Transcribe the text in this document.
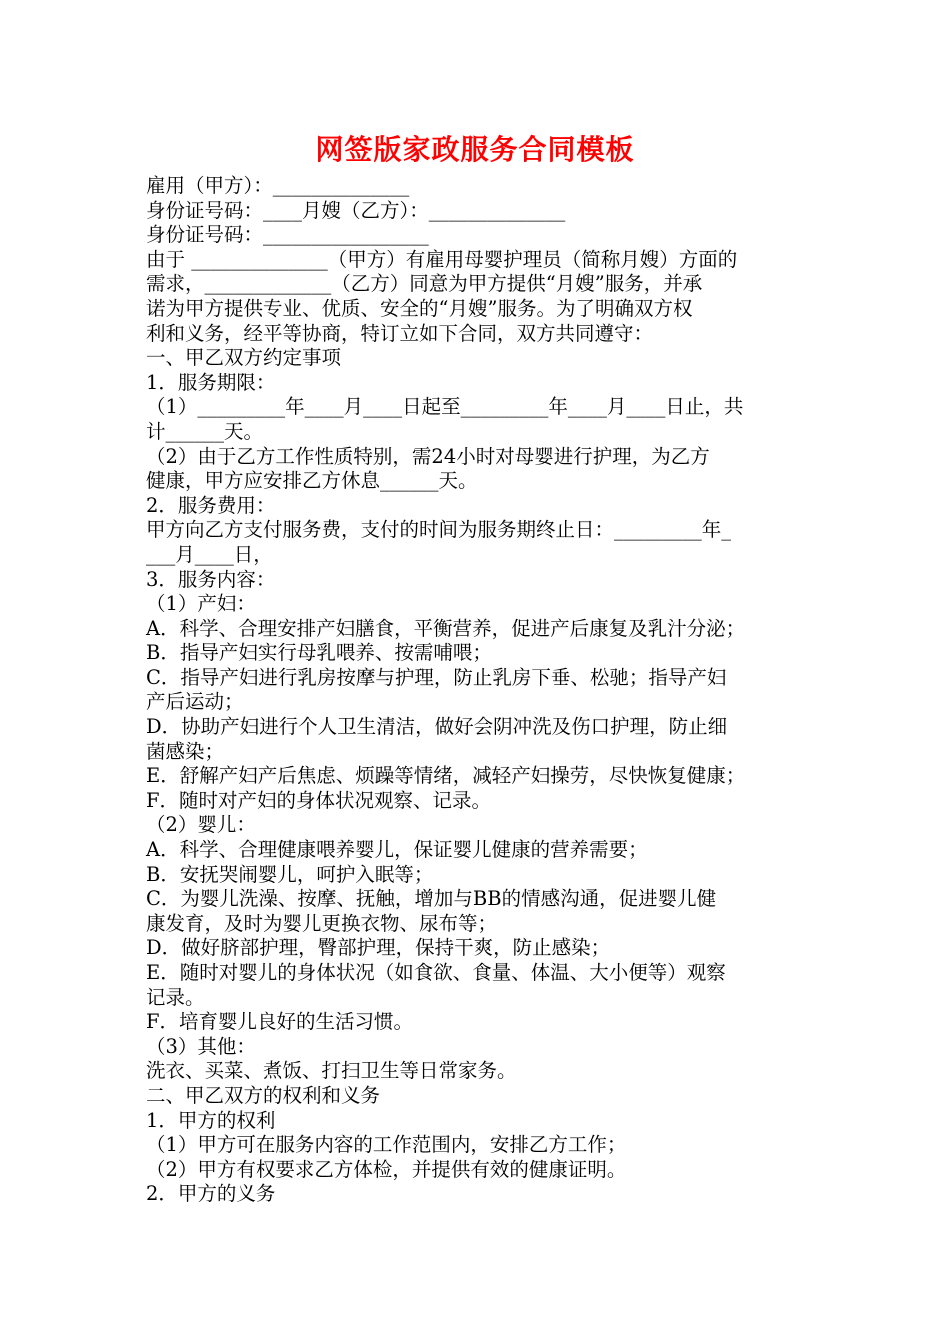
网签版家政服务合同模板
雇用（甲方）：______________
身份证号码：____月嫂（乙方）：______________
身份证号码：_________________
由于 ______________（甲方）有雇用母婴护理员（简称月嫂）方面的
需求，_____________（乙方）同意为甲方提供“月嫂”服务，并承
诺为甲方提供专业、优质、安全的“月嫂”服务。为了明确双方权
利和义务，经平等协商，特订立如下合同，双方共同遵守：
一、甲乙双方约定事项
1．服务期限：
（1）_________年____月____日起至_________年____月____日止，共
计______天。
（2）由于乙方工作性质特别，需24小时对母婴进行护理，为乙方
健康，甲方应安排乙方休息______天。
2．服务费用：
甲方向乙方支付服务费，支付的时间为服务期终止日：_________年_
___月____日，
3．服务内容：
（1）产妇：
A．科学、合理安排产妇膳食，平衡营养，促进产后康复及乳汁分泌；
B．指导产妇实行母乳喂养、按需哺喂；
C．指导产妇进行乳房按摩与护理，防止乳房下垂、松驰；指导产妇
产后运动；
D．协助产妇进行个人卫生清洁，做好会阴冲洗及伤口护理，防止细
菌感染；
E．舒解产妇产后焦虑、烦躁等情绪，减轻产妇操劳，尽快恢复健康；
F．随时对产妇的身体状况观察、记录。
（2）婴儿：
A．科学、合理健康喂养婴儿，保证婴儿健康的营养需要；
B．安抚哭闹婴儿，呵护入眠等；
C．为婴儿洗澡、按摩、抚触，增加与BB的情感沟通，促进婴儿健
康发育，及时为婴儿更换衣物、尿布等；
D．做好脐部护理，臀部护理，保持干爽，防止感染；
E．随时对婴儿的身体状况（如食欲、食量、体温、大小便等）观察
记录。
F．培育婴儿良好的生活习惯。
（3）其他：
洗衣、买菜、煮饭、打扫卫生等日常家务。
二、甲乙双方的权利和义务
1．甲方的权利
（1）甲方可在服务内容的工作范围内，安排乙方工作；
（2）甲方有权要求乙方体检，并提供有效的健康证明。
2．甲方的义务
